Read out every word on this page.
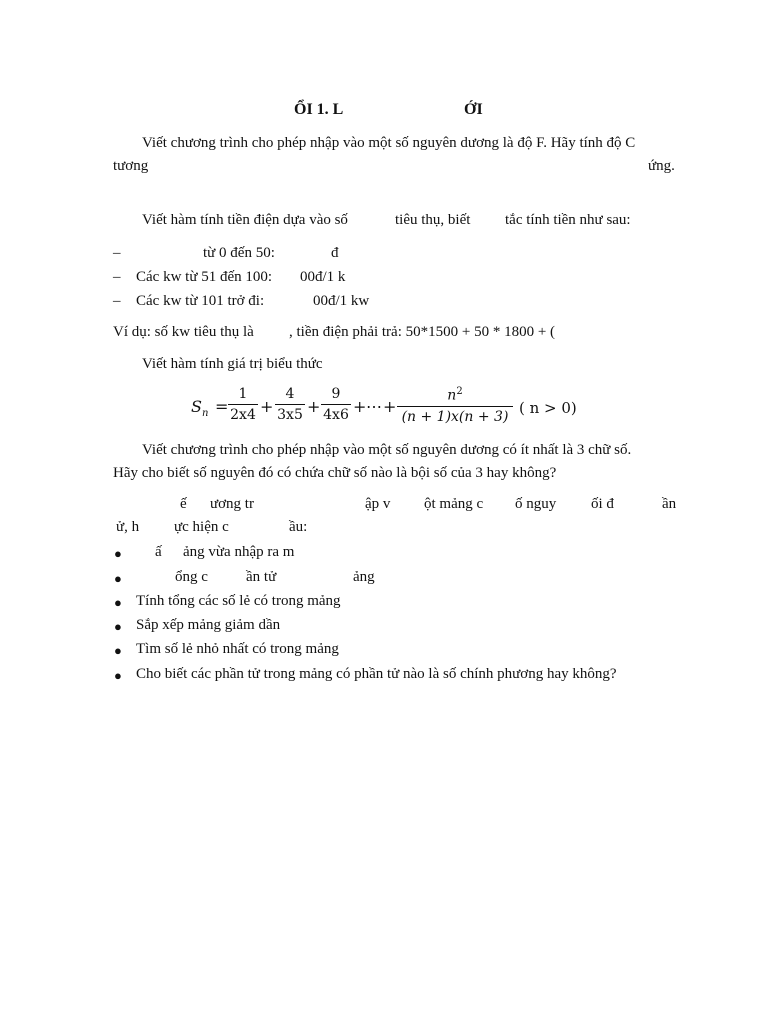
ỔI 1. L	ỚI
Viết chương trình cho phép nhập vào một số nguyên dương là độ F. Hãy tính độ C
tương	ứng.
Viết hàm tính tiền điện dựa vào số	tiêu thụ, biết tắc tính tiền như sau:
–	từ 0 đến 50:	đ
– Các kw từ 51 đến 100: 00đ/1 k
– Các kw từ 101 trở đi:	00đ/1 kw
Ví dụ: số kw tiêu thụ là , tiền điện phải trả: 50*1500 + 50 * 1800 + (
Viết hàm tính giá trị biểu thức
$S_n$ =
1
2x4 +
4
3x5 +
9
4x6 + ⋯ +
$n^2$
(n + 1)x(n + 3) ( n > 0)
Viết chương trình cho phép nhập vào một số nguyên dương có ít nhất là 3 chữ số.
Hãy cho biết số nguyên đó có chứa chữ số nào là bội số của 3 hay không?
ế ương tr	ập v ột mảng c ố nguy ối đ	ần
ử, h ực hiện c	ầu:
● ấ ảng vừa nhập ra m
●	ổng c	ần tử	ảng
● Tính tổng các số lẻ có trong mảng
● Sắp xếp mảng giảm dần
● Tìm số lẻ nhỏ nhất có trong mảng
● Cho biết các phần tử trong mảng có phần tử nào là số chính phương hay không?
